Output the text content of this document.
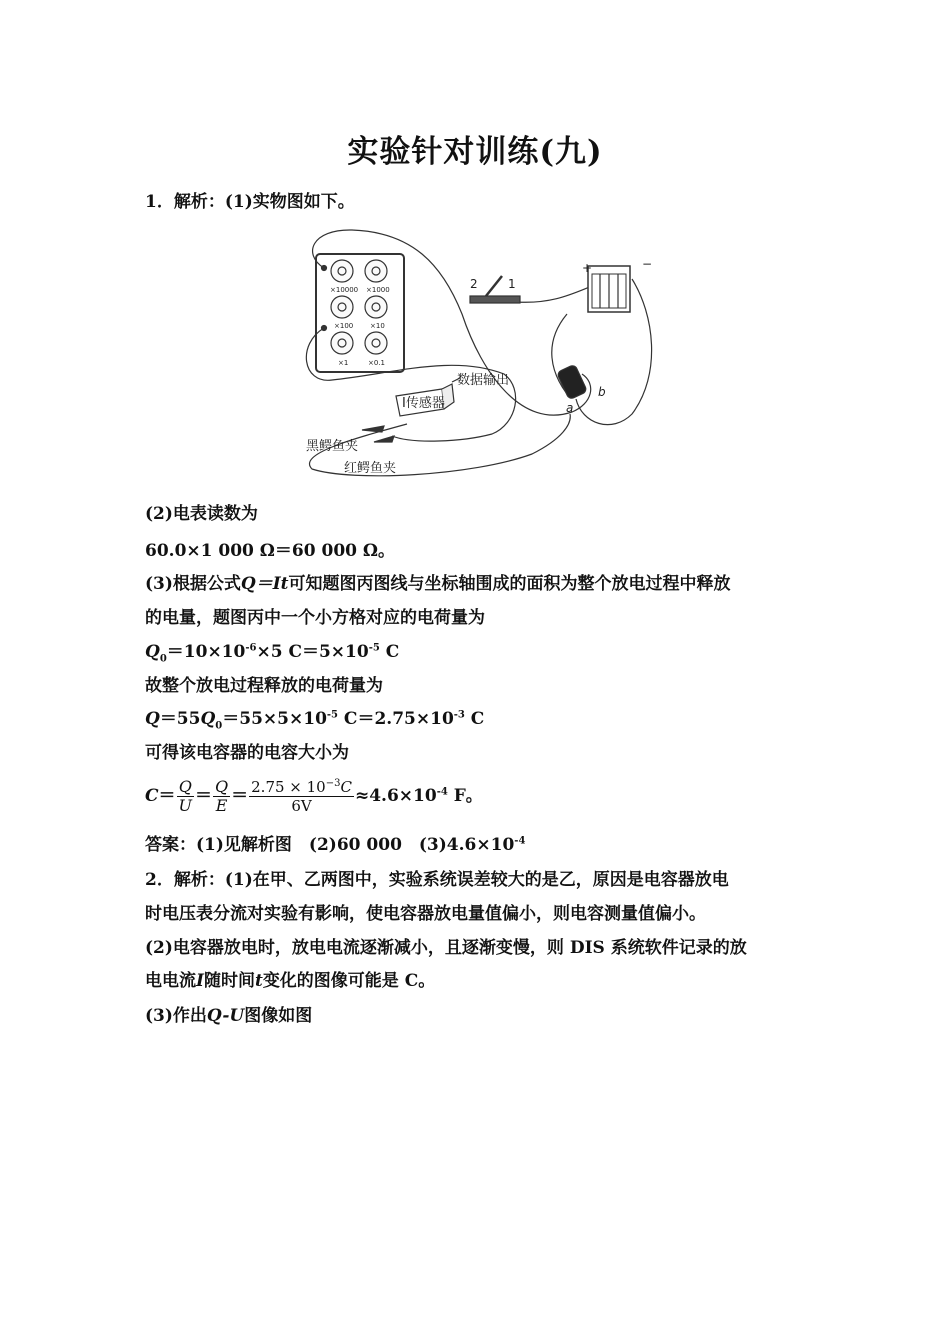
实验针对训练(九)
1．解析：(1)实物图如下。
×10000 ×1000
×100 ×10
×1	×0.1
2	1
+	−
a
b
数据输出
I传感器
黑鳄鱼夹
红鳄鱼夹
(2)电表读数为
60.0×1 000 Ω＝60 000 Ω。
(3)根据公式Q＝It可知题图丙图线与坐标轴围成的面积为整个放电过程中释放
的电量，题图丙中一个小方格对应的电荷量为
$Q_0=10\times 10^{-6}\times 5$ $C=5\times 10^{-5}$ C
故整个放电过程释放的电荷量为
$Q=55Q_0=55\times 5\times 10^{-5}$ $C=2.75\times 10^{-3}$ C
可得该电容器的电容大小为
$C= \frac{Q}{U} = \frac{Q}{E} = \frac{2.75 \times 10^{-3}C}{6V} \approx 4.6\times 10^{-4}$ F。
答案：(1)见解析图　(2)60 000　$(3)4.6\times 10^{-4}$
2．解析：(1)在甲、乙两图中，实验系统误差较大的是乙，原因是电容器放电
时电压表分流对实验有影响，使电容器放电量值偏小，则电容测量值偏小。
(2)电容器放电时，放电电流逐渐减小，且逐渐变慢，则 DIS 系统软件记录的放
电电流I随时间t变化的图像可能是 C。
(3)作出Q-U图像如图
